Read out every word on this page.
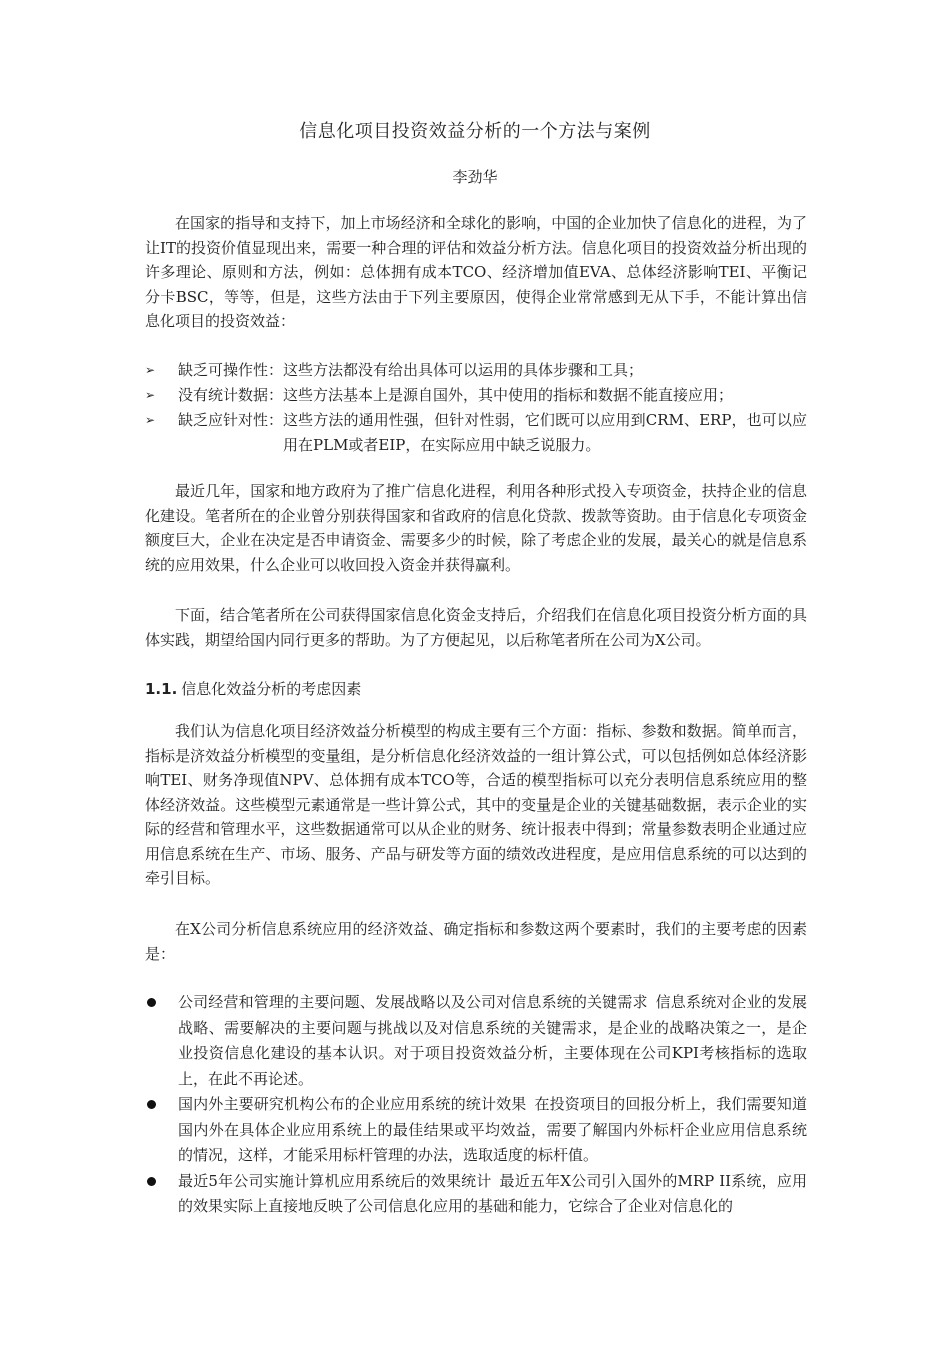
信息化项目投资效益分析的一个方法与案例
李劲华

在国家的指导和支持下，加上市场经济和全球化的影响，中国的企业加快了信息化的进程，为了让IT的投资价值显现出来，需要一种合理的评估和效益分析方法。信息化项目的投资效益分析出现的许多理论、原则和方法，例如：总体拥有成本TCO、经济增加值EVA、总体经济影响TEI、平衡记分卡BSC，等等，但是，这些方法由于下列主要原因，使得企业常常感到无从下手，不能计算出信息化项目的投资效益：

➢	缺乏可操作性： 这些方法都没有给出具体可以运用的具体步骤和工具；
➢	没有统计数据： 这些方法基本上是源自国外，其中使用的指标和数据不能直接应用；
➢	缺乏应针对性： 这些方法的通用性强，但针对性弱，它们既可以应用到CRM、ERP，也可以应用在PLM或者EIP，在实际应用中缺乏说服力。

最近几年，国家和地方政府为了推广信息化进程，利用各种形式投入专项资金，扶持企业的信息化建设。笔者所在的企业曾分别获得国家和省政府的信息化贷款、拨款等资助。由于信息化专项资金额度巨大，企业在决定是否申请资金、需要多少的时候，除了考虑企业的发展，最关心的就是信息系统的应用效果，什么企业可以收回投入资金并获得赢利。

下面，结合笔者所在公司获得国家信息化资金支持后，介绍我们在信息化项目投资分析方面的具体实践，期望给国内同行更多的帮助。为了方便起见，以后称笔者所在公司为X公司。

1.1. 信息化效益分析的考虑因素

我们认为信息化项目经济效益分析模型的构成主要有三个方面：指标、参数和数据。简单而言，指标是济效益分析模型的变量组，是分析信息化经济效益的一组计算公式，可以包括例如总体经济影响TEI、财务净现值NPV、总体拥有成本TCO等，合适的模型指标可以充分表明信息系统应用的整体经济效益。这些模型元素通常是一些计算公式，其中的变量是企业的关键基础数据，表示企业的实际的经营和管理水平，这些数据通常可以从企业的财务、统计报表中得到；常量参数表明企业通过应用信息系统在生产、市场、服务、产品与研发等方面的绩效改进程度，是应用信息系统的可以达到的牵引目标。

在X公司分析信息系统应用的经济效益、确定指标和参数这两个要素时，我们的主要考虑的因素是：

公司经营和管理的主要问题、发展战略以及公司对信息系统的关键需求 信息系统对企业的发展战略、需要解决的主要问题与挑战以及对信息系统的关键需求，是企业的战略决策之一，是企业投资信息化建设的基本认识。对于项目投资效益分析，主要体现在公司KPI考核指标的选取上，在此不再论述。
国内外主要研究机构公布的企业应用系统的统计效果 在投资项目的回报分析上，我们需要知道国内外在具体企业应用系统上的最佳结果或平均效益，需要了解国内外标杆企业应用信息系统的情况，这样，才能采用标杆管理的办法，选取适度的标杆值。
最近5年公司实施计算机应用系统后的效果统计 最近五年X公司引入国外的MRP II系统，应用的效果实际上直接地反映了公司信息化应用的基础和能力，它综合了企业对信息化的
